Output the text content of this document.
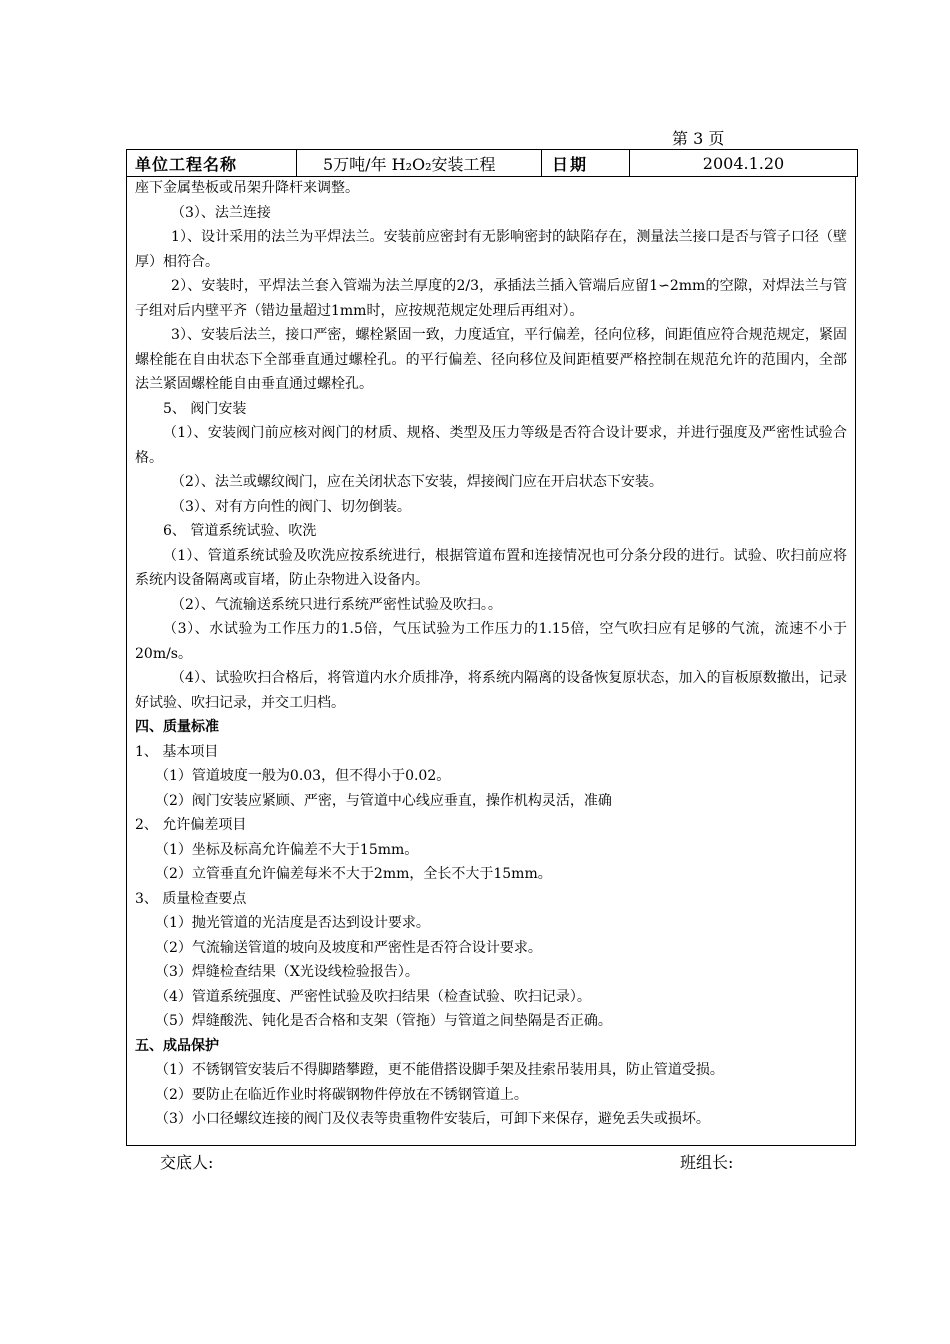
第 3 页
单位工程名称	5万吨/年 H₂O₂安装工程	日期	2004.1.20

座下金属垫板或吊架升降杆来调整。

（3）、法兰连接

1）、设计采用的法兰为平焊法兰。安装前应密封有无影响密封的缺陷存在，测量法兰接口是否与管子口径（壁厚）相符合。

2）、安装时，平焊法兰套入管端为法兰厚度的2/3，承插法兰插入管端后应留1∽2mm的空隙，对焊法兰与管子组对后内壁平齐（错边量超过1mm时，应按规范规定处理后再组对）。

3）、安装后法兰，接口严密，螺栓紧固一致，力度适宜，平行偏差，径向位移，间距值应符合规范规定，紧固螺栓能在自由状态下全部垂直通过螺栓孔。的平行偏差、径向移位及间距植要严格控制在规范允许的范围内，全部法兰紧固螺栓能自由垂直通过螺栓孔。

5、 阀门安装

（1）、安装阀门前应核对阀门的材质、规格、类型及压力等级是否符合设计要求，并进行强度及严密性试验合格。

（2）、法兰或螺纹阀门，应在关闭状态下安装，焊接阀门应在开启状态下安装。

（3）、对有方向性的阀门、切勿倒装。

6、 管道系统试验、吹洗

（1）、管道系统试验及吹洗应按系统进行，根据管道布置和连接情况也可分条分段的进行。试验、吹扫前应将系统内设备隔离或盲堵，防止杂物进入设备内。

（2）、气流输送系统只进行系统严密性试验及吹扫。。

（3）、水试验为工作压力的1.5倍，气压试验为工作压力的1.15倍，空气吹扫应有足够的气流，流速不小于20m/s。

（4）、试验吹扫合格后，将管道内水介质排净，将系统内隔离的设备恢复原状态，加入的盲板原数撤出，记录好试验、吹扫记录，并交工归档。

四、质量标准

1、 基本项目

（1）管道坡度一般为0.03，但不得小于0.02。

（2）阀门安装应紧顾、严密，与管道中心线应垂直，操作机构灵活，准确

2、 允许偏差项目

（1）坐标及标高允许偏差不大于15mm。

（2）立管垂直允许偏差每米不大于2mm，全长不大于15mm。

3、 质量检查要点

（1）抛光管道的光洁度是否达到设计要求。

（2）气流输送管道的坡向及坡度和严密性是否符合设计要求。

（3）焊缝检查结果（X光设线检验报告）。

（4）管道系统强度、严密性试验及吹扫结果（检查试验、吹扫记录）。

（5）焊缝酸洗、钝化是否合格和支架（管拖）与管道之间垫隔是否正确。

五、成品保护

（1）不锈钢管安装后不得脚踏攀蹬，更不能借搭设脚手架及挂索吊装用具，防止管道受损。

（2）要防止在临近作业时将碳钢物件停放在不锈钢管道上。

（3）小口径螺纹连接的阀门及仪表等贵重物件安装后，可卸下来保存，避免丢失或损坏。

交底人:	班组长:
